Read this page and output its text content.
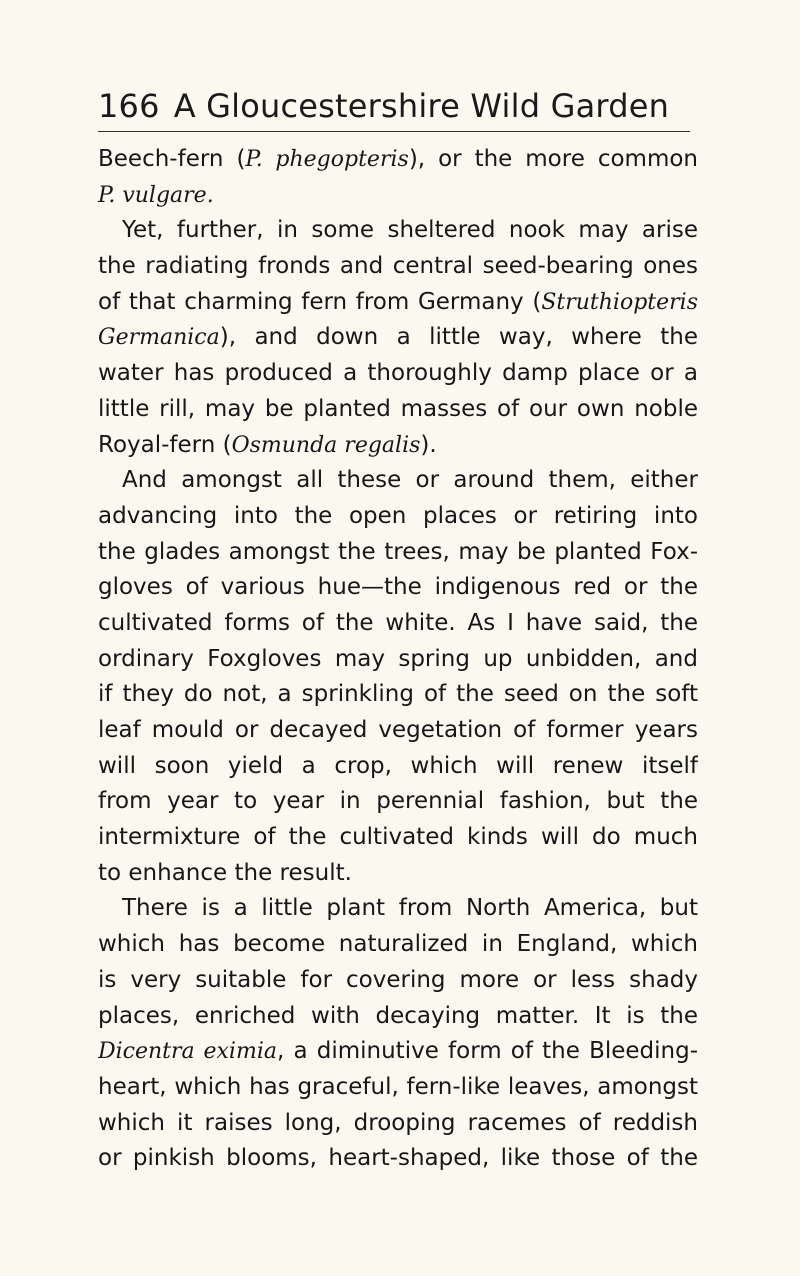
166 A Gloucestershire Wild Garden
Beech-fern (P. phegopteris), or the more common
P. vulgare.
Yet, further, in some sheltered nook may arise
the radiating fronds and central seed-bearing ones
of that charming fern from Germany (Struthiopteris
Germanica), and down a little way, where the
water has produced a thoroughly damp place or a
little rill, may be planted masses of our own noble
Royal-fern (Osmunda regalis).
And amongst all these or around them, either
advancing into the open places or retiring into
the glades amongst the trees, may be planted Fox-
gloves of various hue—the indigenous red or the
cultivated forms of the white. As I have said, the
ordinary Foxgloves may spring up unbidden, and
if they do not, a sprinkling of the seed on the soft
leaf mould or decayed vegetation of former years
will soon yield a crop, which will renew itself
from year to year in perennial fashion, but the
intermixture of the cultivated kinds will do much
to enhance the result.
There is a little plant from North America, but
which has become naturalized in England, which
is very suitable for covering more or less shady
places, enriched with decaying matter. It is the
Dicentra eximia, a diminutive form of the Bleeding-
heart, which has graceful, fern-like leaves, amongst
which it raises long, drooping racemes of reddish
or pinkish blooms, heart-shaped, like those of the
